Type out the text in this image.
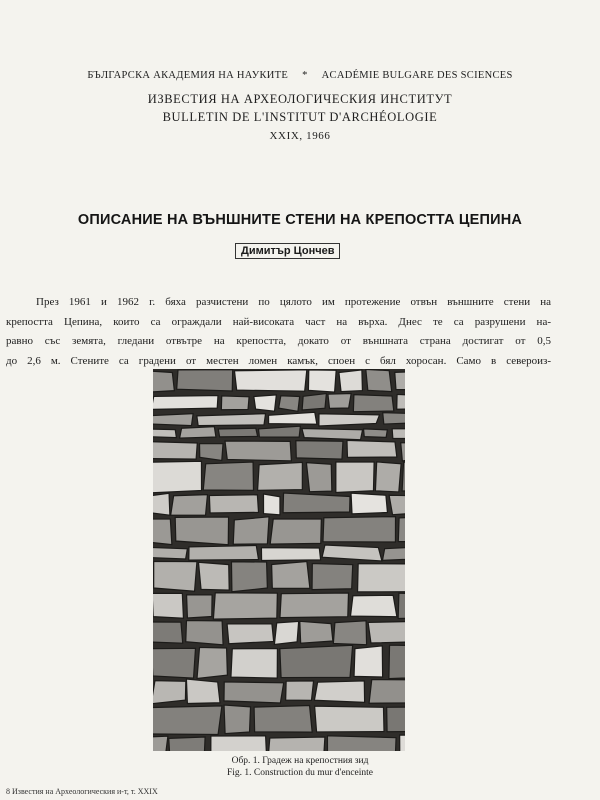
БЪЛГАРСКА АКАДЕМИЯ НА НАУКИТЕ * ACADÉMIE BULGARE DES SCIENCES
ИЗВЕСТИЯ НА АРХЕОЛОГИЧЕСКИЯ ИНСТИТУТ
BULLETIN DE L'INSTITUT D'ARCHÉOLOGIE
XXIX, 1966
ОПИСАНИЕ НА ВЪНШНИТЕ СТЕНИ НА КРЕПОСТТА ЦЕПИНА
Димитър Цончев
През 1961 и 1962 г. бяха разчистени по цялото им протежение отвън външните стени на
крепостта Цепина, които са ограждали най-високата част на върха. Днес те са разрушени на-
равно със земята, гледани отвътре на крепостта, докато от външната страна достигат от 0,5
до 2,6 м. Стените са градени от местен ломен камък, споен с бял хоросан. Само в североиз-
Обр. 1. Градеж на крепостния зид
Fig. 1. Construction du mur d'enceinte
8 Известия на Археологическия и-т, т. XXIX
